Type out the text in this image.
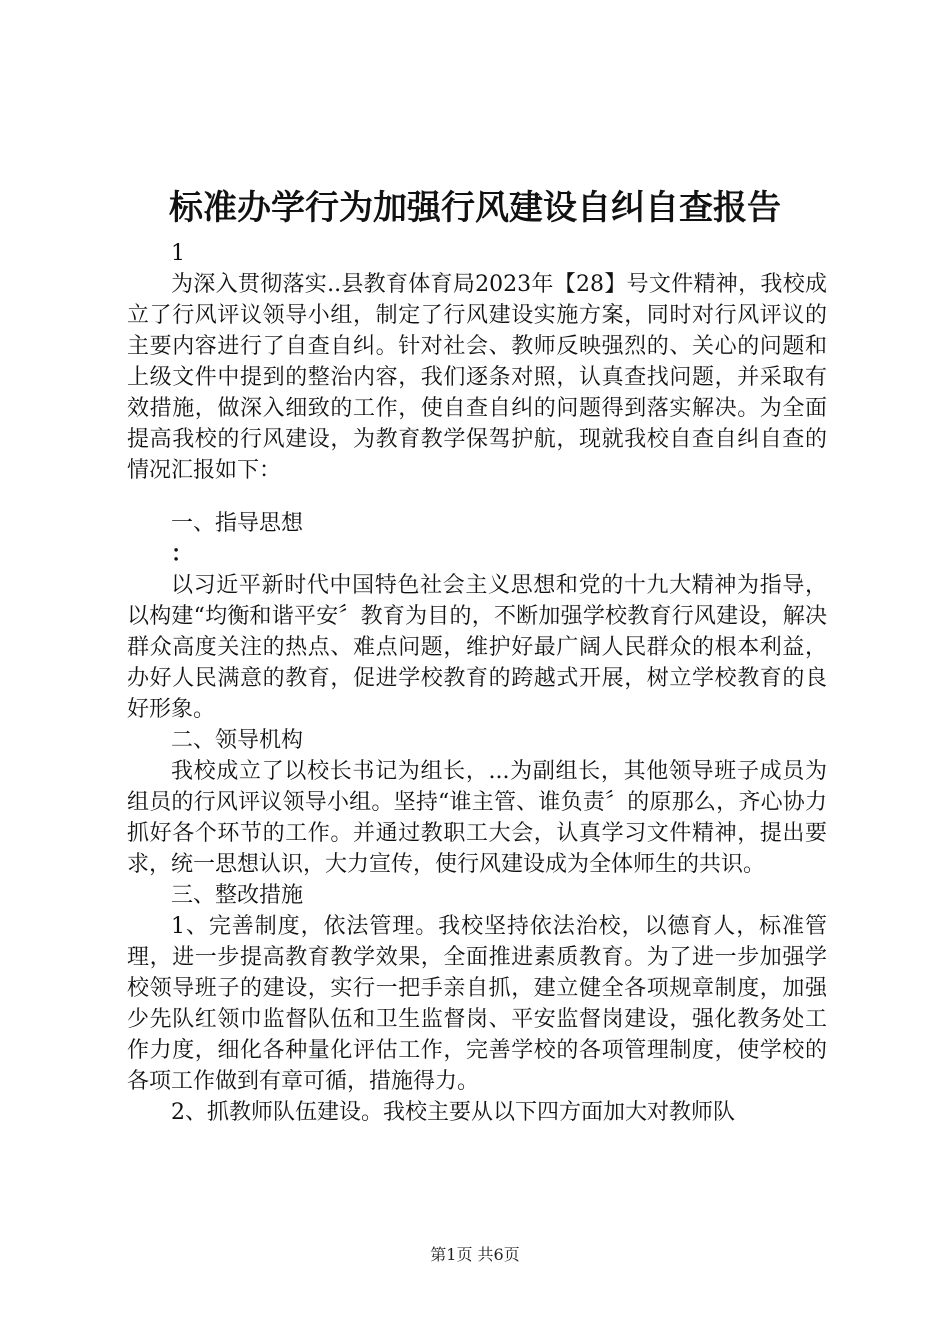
标准办学行为加强行风建设自纠自查报告

1

为深入贯彻落实..县教育体育局2023年【28】号文件精神，我校成立了行风评议领导小组，制定了行风建设实施方案，同时对行风评议的主要内容进行了自查自纠。针对社会、教师反映强烈的、关心的问题和上级文件中提到的整治内容，我们逐条对照，认真查找问题，并采取有效措施，做深入细致的工作，使自查自纠的问题得到落实解决。为全面提高我校的行风建设，为教育教学保驾护航，现就我校自查自纠自查的情况汇报如下：

一、指导思想

：

以习近平新时代中国特色社会主义思想和党的十九大精神为指导，以构建“均衡和谐平安〞教育为目的，不断加强学校教育行风建设，解决群众高度关注的热点、难点问题，维护好最广阔人民群众的根本利益，办好人民满意的教育，促进学校教育的跨越式开展，树立学校教育的良好形象。

二、领导机构

我校成立了以校长书记为组长，...为副组长，其他领导班子成员为组员的行风评议领导小组。坚持“谁主管、谁负责〞的原那么，齐心协力抓好各个环节的工作。并通过教职工大会，认真学习文件精神，提出要求，统一思想认识，大力宣传，使行风建设成为全体师生的共识。

三、整改措施

1、完善制度，依法管理。我校坚持依法治校，以德育人，标准管理，进一步提高教育教学效果，全面推进素质教育。为了进一步加强学校领导班子的建设，实行一把手亲自抓，建立健全各项规章制度，加强少先队红领巾监督队伍和卫生监督岗、平安监督岗建设，强化教务处工作力度，细化各种量化评估工作，完善学校的各项管理制度，使学校的各项工作做到有章可循，措施得力。

2、抓教师队伍建设。我校主要从以下四方面加大对教师队

第1页 共6页
